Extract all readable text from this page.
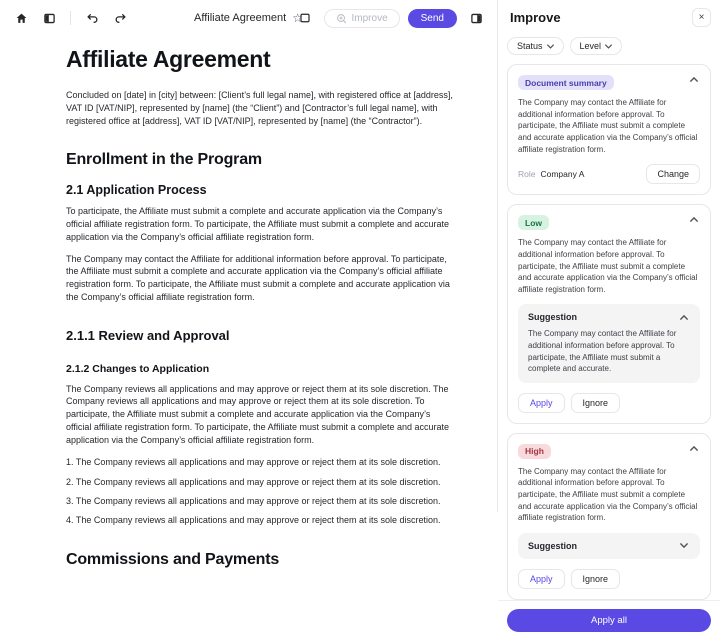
Affiliate Agreement ☆	Improve	Send
Affiliate Agreement

Concluded on [date] in [city] between: [Client’s full legal name], with registered office at [address], VAT ID [VAT/NIP], represented by [name] (the “Client”) and [Contractor’s full legal name], with registered office at [address], VAT ID [VAT/NIP], represented by [name] (the “Contractor”).

Enrollment in the Program
2.1 Application Process

To participate, the Affiliate must submit a complete and accurate application via the Company’s official affiliate registration form. To participate, the Affiliate must submit a complete and accurate application via the Company’s official affiliate registration form.

The Company may contact the Affiliate for additional information before approval. To participate, the Affiliate must submit a complete and accurate application via the Company’s official affiliate registration form. To participate, the Affiliate must submit a complete and accurate application via the Company’s official affiliate registration form.

2.1.1 Review and Approval
2.1.2 Changes to Application

The Company reviews all applications and may approve or reject them at its sole discretion. The Company reviews all applications and may approve or reject them at its sole discretion. To participate, the Affiliate must submit a complete and accurate application via the Company’s official affiliate registration form. To participate, the Affiliate must submit a complete and accurate application via the Company’s official affiliate registration form.

1. The Company reviews all applications and may approve or reject them at its sole discretion.
2. The Company reviews all applications and may approve or reject them at its sole discretion.
3. The Company reviews all applications and may approve or reject them at its sole discretion.
4. The Company reviews all applications and may approve or reject them at its sole discretion.
Commissions and Payments
Improve	×
Status	Level
Document summary
The Company may contact the Affiliate for additional information before approval. To participate, the Affiliate must submit a complete and accurate application via the Company’s official affiliate registration form.
Role Company A	Change
Low
The Company may contact the Affiliate for additional information before approval. To participate, the Affiliate must submit a complete and accurate application via the Company’s official affiliate registration form.
Suggestion
The Company may contact the Affiliate for additional information before approval. To participate, the Affiliate must submit a complete and accurate.
Apply	Ignore
High
The Company may contact the Affiliate for additional information before approval. To participate, the Affiliate must submit a complete and accurate application via the Company’s official affiliate registration form.
Suggestion
Apply	Ignore
Apply all
